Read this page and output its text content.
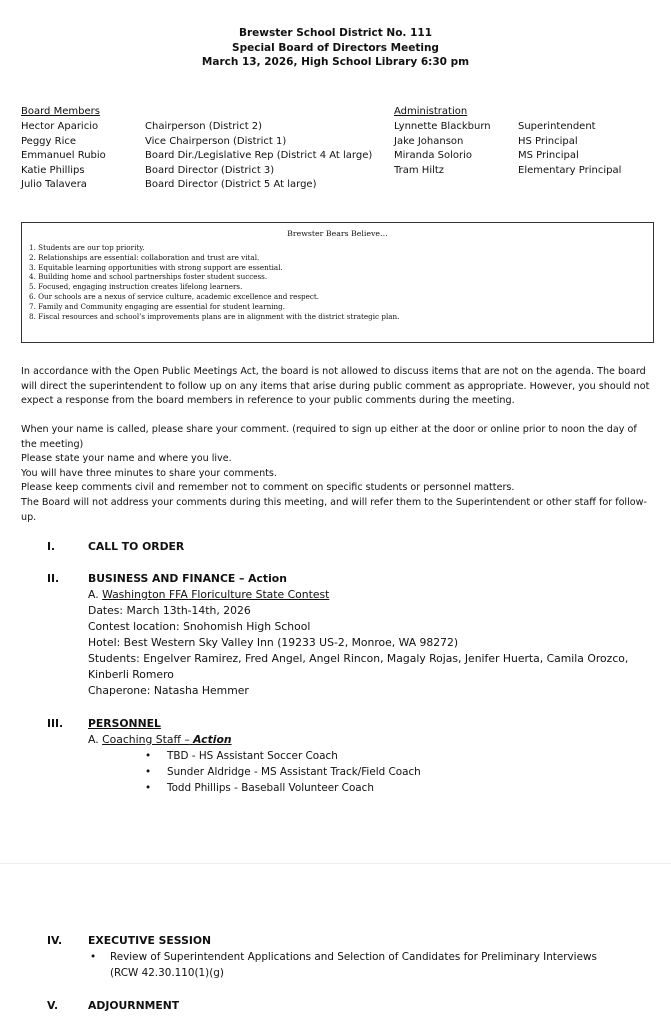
Brewster School District No. 111
Special Board of Directors Meeting
March 13, 2026, High School Library 6:30 pm
Board Members
Hector Aparicio	Chairperson (District 2)
Peggy Rice	Vice Chairperson (District 1)
Emmanuel Rubio	Board Dir./Legislative Rep (District 4 At large)
Katie Phillips	Board Director (District 3)
Julio Talavera	Board Director (District 5 At large)
Administration
Lynnette Blackburn	Superintendent
Jake Johanson	HS Principal
Miranda Solorio	MS Principal
Tram Hiltz	Elementary Principal
Brewster Bears Believe…
1. Students are our top priority.
2. Relationships are essential: collaboration and trust are vital.
3. Equitable learning opportunities with strong support are essential.
4. Building home and school partnerships foster student success.
5. Focused, engaging instruction creates lifelong learners.
6. Our schools are a nexus of service culture, academic excellence and respect.
7. Family and Community engaging are essential for student learning.
8. Fiscal resources and school’s improvements plans are in alignment with the district strategic plan.
In accordance with the Open Public Meetings Act, the board is not allowed to discuss items that are not on the agenda. The board will direct the superintendent to follow up on any items that arise during public comment as appropriate. However, you should not expect a response from the board members in reference to your public comments during the meeting.
When your name is called, please share your comment. (required to sign up either at the door or online prior to noon the day of the meeting)
Please state your name and where you live.
You will have three minutes to share your comments.
Please keep comments civil and remember not to comment on specific students or personnel matters.
The Board will not address your comments during this meeting, and will refer them to the Superintendent or other staff for follow-up.
I.	CALL TO ORDER
II.	BUSINESS AND FINANCE – Action
A. Washington FFA Floriculture State Contest
Dates: March 13th-14th, 2026
Contest location: Snohomish High School
Hotel: Best Western Sky Valley Inn (19233 US-2, Monroe, WA 98272)
Students: Engelver Ramirez, Fred Angel, Angel Rincon, Magaly Rojas, Jenifer Huerta, Camila Orozco, Kinberli Romero
Chaperone: Natasha Hemmer
III. PERSONNEL
A. Coaching Staff – Action
• TBD - HS Assistant Soccer Coach
• Sunder Aldridge - MS Assistant Track/Field Coach
• Todd Phillips - Baseball Volunteer Coach
IV. EXECUTIVE SESSION
• Review of Superintendent Applications and Selection of Candidates for Preliminary Interviews (RCW 42.30.110(1)(g)
V.	ADJOURNMENT
